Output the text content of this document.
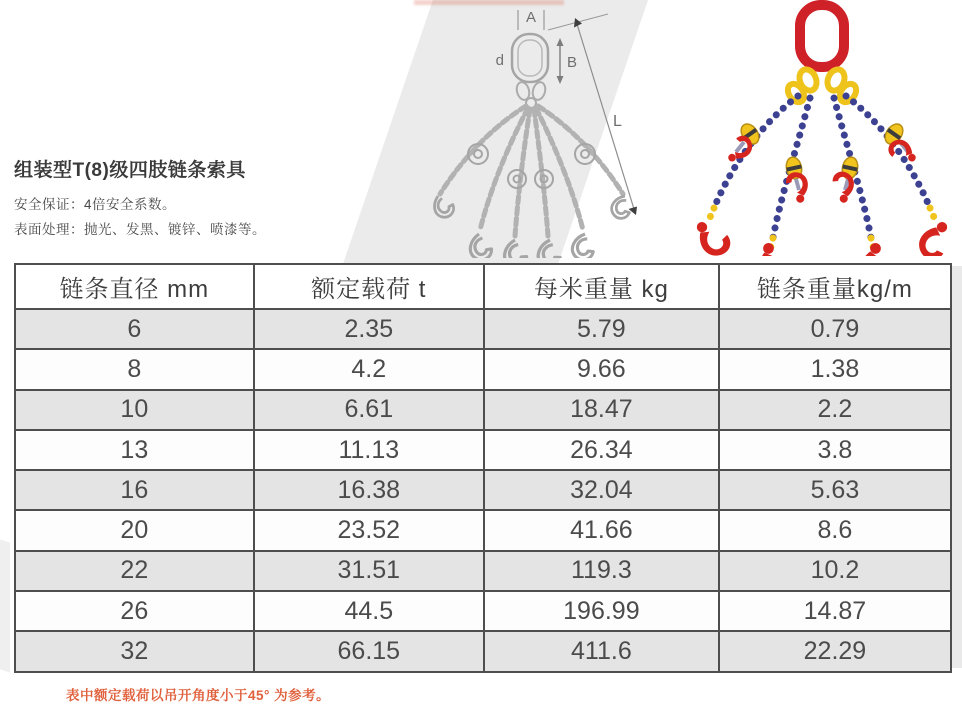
组装型T(8)级四肢链条索具
安全保证：4倍安全系数。
表面处理：抛光、发黑、镀锌、喷漆等。
A
d	B
L
链条直径 mm	额定载荷 t	每米重量 kg	链条重量kg/m
6	2.35	5.79	0.79
8	4.2	9.66	1.38
10	6.61	18.47	2.2
13	11.13	26.34	3.8
16	16.38	32.04	5.63
20	23.52	41.66	8.6
22	31.51	119.3	10.2
26	44.5	196.99	14.87
32	66.15	411.6	22.29
表中额定载荷以吊开角度小于45° 为参考。
